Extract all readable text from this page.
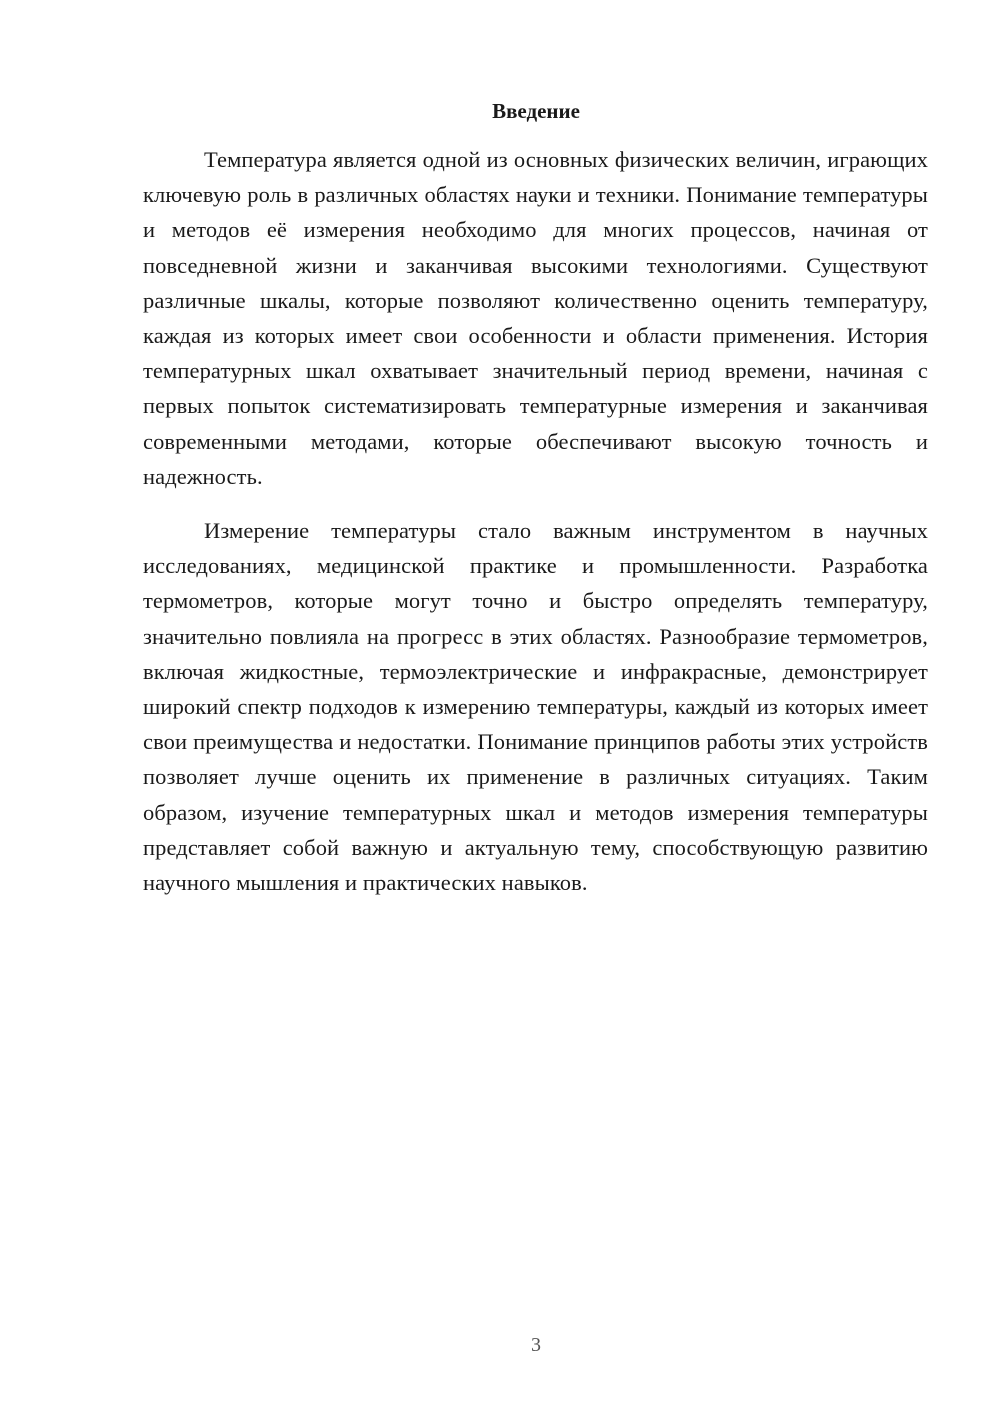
Введение

Температура является одной из основных физических величин, играющих ключевую роль в различных областях науки и техники. Понимание температуры и методов её измерения необходимо для многих процессов, начиная от повседневной жизни и заканчивая высокими технологиями. Существуют различные шкалы, которые позволяют количественно оценить температуру, каждая из которых имеет свои особенности и области применения. История температурных шкал охватывает значительный период времени, начиная с первых попыток систематизировать температурные измерения и заканчивая современными методами, которые обеспечивают высокую точность и надежность.

Измерение температуры стало важным инструментом в научных исследованиях, медицинской практике и промышленности. Разработка термометров, которые могут точно и быстро определять температуру, значительно повлияла на прогресс в этих областях. Разнообразие термометров, включая жидкостные, термоэлектрические и инфракрасные, демонстрирует широкий спектр подходов к измерению температуры, каждый из которых имеет свои преимущества и недостатки. Понимание принципов работы этих устройств позволяет лучше оценить их применение в различных ситуациях. Таким образом, изучение температурных шкал и методов измерения температуры представляет собой важную и актуальную тему, способствующую развитию научного мышления и практических навыков.

3
